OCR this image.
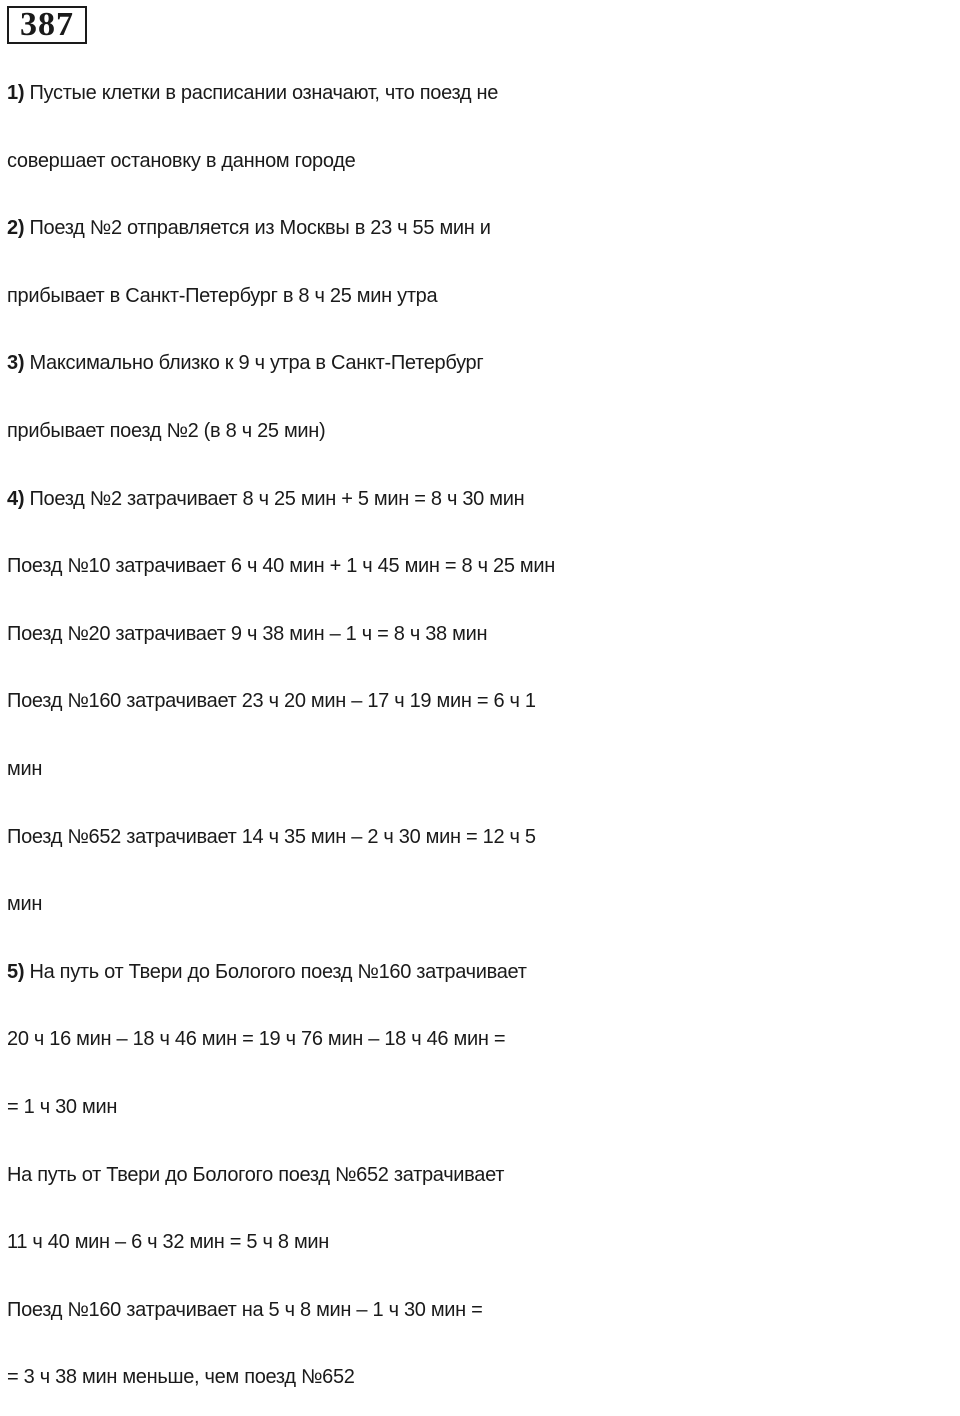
387
1) Пустые клетки в расписании означают, что поезд не
совершает остановку в данном городе
2) Поезд №2 отправляется из Москвы в 23 ч 55 мин и
прибывает в Санкт-Петербург в 8 ч 25 мин утра
3) Максимально близко к 9 ч утра в Санкт-Петербург
прибывает поезд №2 (в 8 ч 25 мин)
4) Поезд №2 затрачивает 8 ч 25 мин + 5 мин = 8 ч 30 мин
Поезд №10 затрачивает 6 ч 40 мин + 1 ч 45 мин = 8 ч 25 мин
Поезд №20 затрачивает 9 ч 38 мин – 1 ч = 8 ч 38 мин
Поезд №160 затрачивает 23 ч 20 мин – 17 ч 19 мин = 6 ч 1
мин
Поезд №652 затрачивает 14 ч 35 мин – 2 ч 30 мин = 12 ч 5
мин
5) На путь от Твери до Бологого поезд №160 затрачивает
20 ч 16 мин – 18 ч 46 мин = 19 ч 76 мин – 18 ч 46 мин =
= 1 ч 30 мин
На путь от Твери до Бологого поезд №652 затрачивает
11 ч 40 мин – 6 ч 32 мин = 5 ч 8 мин
Поезд №160 затрачивает на 5 ч 8 мин – 1 ч 30 мин =
= 3 ч 38 мин меньше, чем поезд №652
